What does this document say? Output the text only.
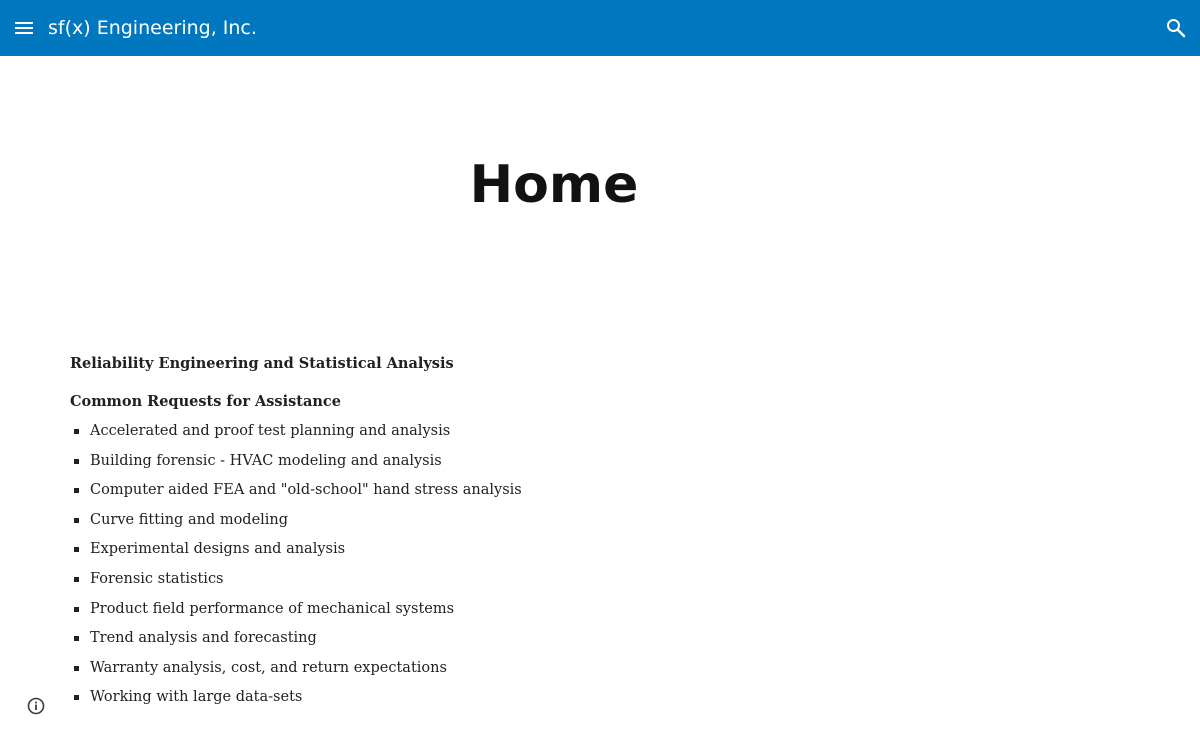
sf(x) Engineering, Inc.
Home

Reliability Engineering and Statistical Analysis

Common Requests for Assistance

Accelerated and proof test planning and analysis
Building forensic - HVAC modeling and analysis
Computer aided FEA and "old-school" hand stress analysis
Curve fitting and modeling
Experimental designs and analysis
Forensic statistics
Product field performance of mechanical systems
Trend analysis and forecasting
Warranty analysis, cost, and return expectations
Working with large data-sets
